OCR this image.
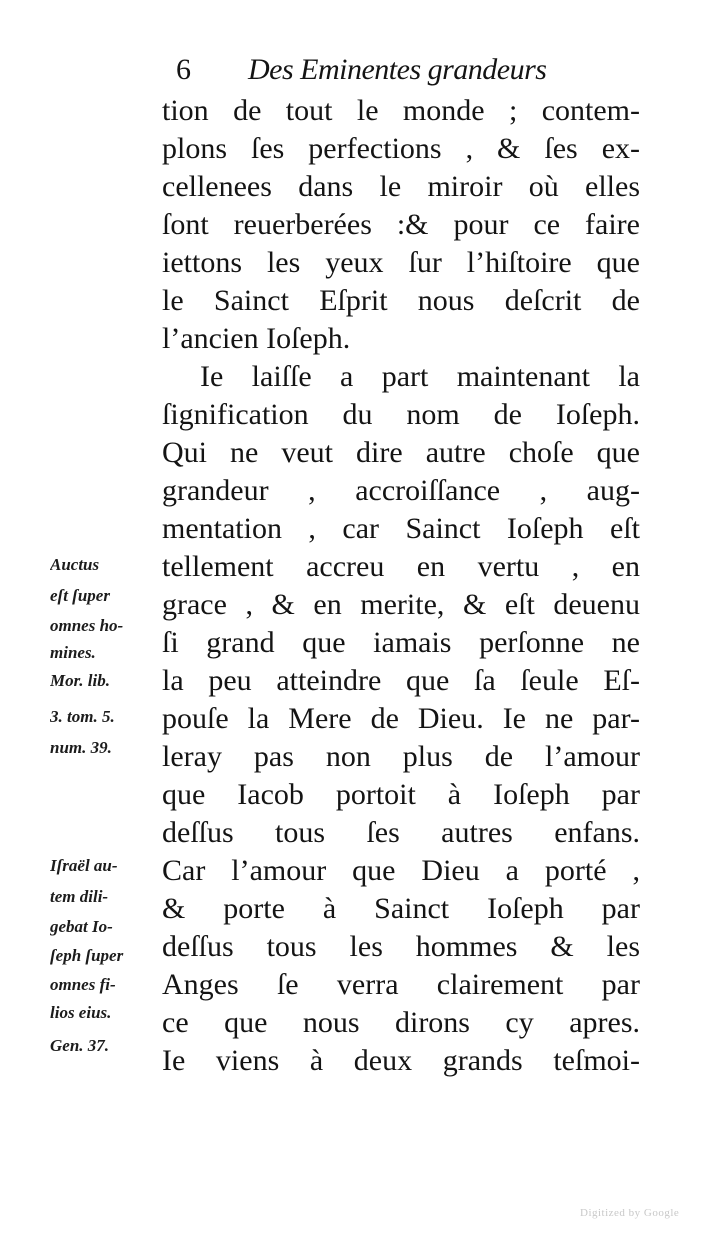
6 Des Eminentes grandeurs
tion de tout le monde ; contem-
plons ſes perfections , & ſes ex-
cellenees dans le miroir où elles
ſont reuerberées :& pour ce faire
iettons les yeux ſur l’hiſtoire que
le Sainct Eſprit nous deſcrit de
l’ancien Ioſeph.
Ie laiſſe a part maintenant la
ſignification du nom de Ioſeph.
Qui ne veut dire autre choſe que
grandeur , accroiſſance , aug-
mentation , car Sainct Ioſeph eſt
tellement accreu en vertu , en
grace , & en merite, & eſt deuenu
ſi grand que iamais perſonne ne
la peu atteindre que ſa ſeule Eſ-
pouſe la Mere de Dieu. Ie ne par-
leray pas non plus de l’amour
que Iacob portoit à Ioſeph par
deſſus tous ſes autres enfans.
Car l’amour que Dieu a porté ,
& porte à Sainct Ioſeph par
deſſus tous les hommes & les
Anges ſe verra clairement par
ce que nous dirons cy apres.
Ie viens à deux grands teſmoi-
Auctus
eſt ſuper
omnes ho-
mines.
Mor. lib.
3. tom. 5.
num. 39.
Iſraël au-
tem dili-
gebat Io-
ſeph ſuper
omnes fi-
lios eius.
Gen. 37.
Digitized by Google
